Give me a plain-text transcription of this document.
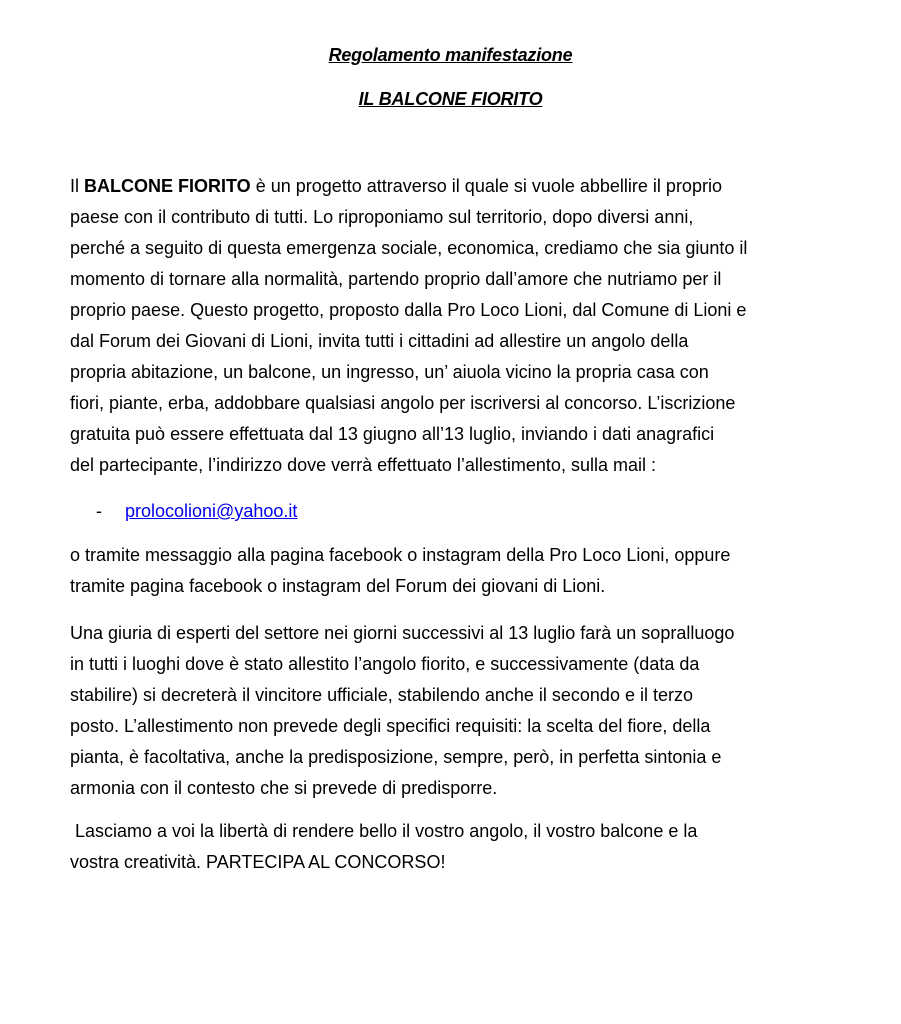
Regolamento manifestazione
IL BALCONE FIORITO
Il BALCONE FIORITO è un progetto attraverso il quale si vuole abbellire il proprio
paese con il contributo di tutti. Lo riproponiamo sul territorio, dopo diversi anni,
perché a seguito di questa emergenza sociale, economica, crediamo che sia giunto il
momento di tornare alla normalità, partendo proprio dall’amore che nutriamo per il
proprio paese. Questo progetto, proposto dalla Pro Loco Lioni, dal Comune di Lioni e
dal Forum dei Giovani di Lioni, invita tutti i cittadini ad allestire un angolo della
propria abitazione, un balcone, un ingresso, un’ aiuola vicino la propria casa con
fiori, piante, erba, addobbare qualsiasi angolo per iscriversi al concorso. L’iscrizione
gratuita può essere effettuata dal 13 giugno all’13 luglio, inviando i dati anagrafici
del partecipante, l’indirizzo dove verrà effettuato l’allestimento, sulla mail :
- prolocolioni@yahoo.it
o tramite messaggio alla pagina facebook o instagram della Pro Loco Lioni, oppure
tramite pagina facebook o instagram del Forum dei giovani di Lioni.
Una giuria di esperti del settore nei giorni successivi al 13 luglio farà un sopralluogo
in tutti i luoghi dove è stato allestito l’angolo fiorito, e successivamente (data da
stabilire) si decreterà il vincitore ufficiale, stabilendo anche il secondo e il terzo
posto. L’allestimento non prevede degli specifici requisiti: la scelta del fiore, della
pianta, è facoltativa, anche la predisposizione, sempre, però, in perfetta sintonia e
armonia con il contesto che si prevede di predisporre.
Lasciamo a voi la libertà di rendere bello il vostro angolo, il vostro balcone e la
vostra creatività. PARTECIPA AL CONCORSO!
